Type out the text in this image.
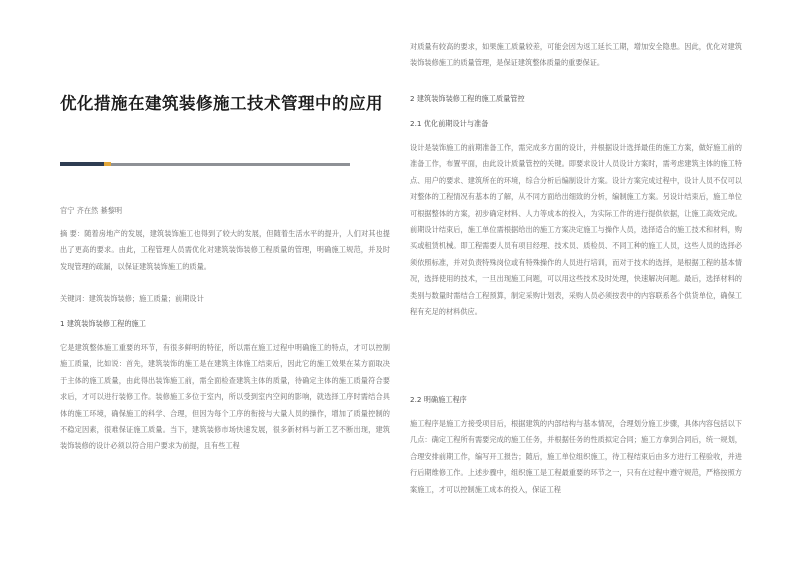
优化措施在建筑装修施工技术管理中的应用

官宁 齐在然 綦黎明

摘 要：随着房地产的发展，建筑装饰施工也得到了较大的发展，但随着生活水平的提升，人们对其也提出了更高的要求。由此，工程管理人员需优化对建筑装饰装修工程质量的管理，明确施工规范，并及时发现管理的疏漏，以保证建筑装饰施工的质量。

关键词：建筑装饰装修；施工质量；前期设计

1 建筑装饰装修工程的施工

它是建筑整体施工重要的环节，有很多鲜明的特征，所以需在施工过程中明确施工的特点，才可以控制施工质量，比如说：首先，建筑装饰的施工是在建筑主体施工结束后，因此它的施工效果在某方面取决于主体的施工质量，由此得出装饰施工前，需全面检查建筑主体的质量，待确定主体的施工质量符合要求后，才可以进行装修工作。装修施工多位于室内，所以受到室内空间的影响，就选择工序时需结合具体的施工环境，确保施工的科学、合理，但因为每个工序的衔接与大量人员的操作，增加了质量控制的不稳定因素，很难保证施工质量。当下，建筑装修市场快速发展，很多新材料与新工艺不断出现，建筑装饰装修的设计必须以符合用户要求为前提，且有些工程

对质量有较高的要求，如果施工质量较差，可能会因为返工延长工期，增加安全隐患。因此，优化对建筑装饰装修施工的质量管理，是保证建筑整体质量的重要保证。

2 建筑装饰装修工程的施工质量管控

2.1 优化前期设计与准备

设计是装饰施工的前期准备工作，需完成多方面的设计，并根据设计选择最佳的施工方案，做好施工前的准备工作，布置平面，由此设计质量管控的关键。即要求设计人员设计方案时，需考虑建筑主体的施工特点、用户的要求、建筑所在的环境，综合分析后编制设计方案。设计方案完成过程中，设计人员不仅可以对整体的工程情况有基本的了解，从不同方面给出细致的分析，编制施工方案。另设计结束后，施工单位可根据整体的方案，初步确定材料、人力等成本的投入，为实际工作的进行提供依据，让施工高效完成。前期设计结束后，施工单位需根据给出的施工方案决定施工与操作人员，选择适合的施工技术和材料，购买或租赁机械。即工程需要人员有项目经理、技术员、质检员、不同工种的施工人员，这些人员的选择必须依照标准，并对负责特殊岗位或有特殊操作的人员进行培训，而对于技术的选择，是根据工程的基本情况，选择使用的技术，一旦出现施工问题，可以用这些技术及时处理，快速解决问题。最后，选择材料的类别与数量时需结合工程预算，制定采购计划表，采购人员必须按表中的内容联系各个供货单位，确保工程有充足的材料供应。

2.2 明确施工程序

施工程序是施工方接受项目后，根据建筑的内部结构与基本情况，合理划分施工步骤，具体内容包括以下几点：确定工程所有需要完成的施工任务，并根据任务的性质拟定合同；施工方拿到合同后，统一规划，合理安排前期工作，编写开工报告；随后，施工单位组织施工，待工程结束后由多方进行工程验收，并进行后期维修工作。上述步骤中，组织施工是工程最重要的环节之一，只有在过程中遵守规范，严格按照方案施工，才可以控制施工成本的投入，保证工程
